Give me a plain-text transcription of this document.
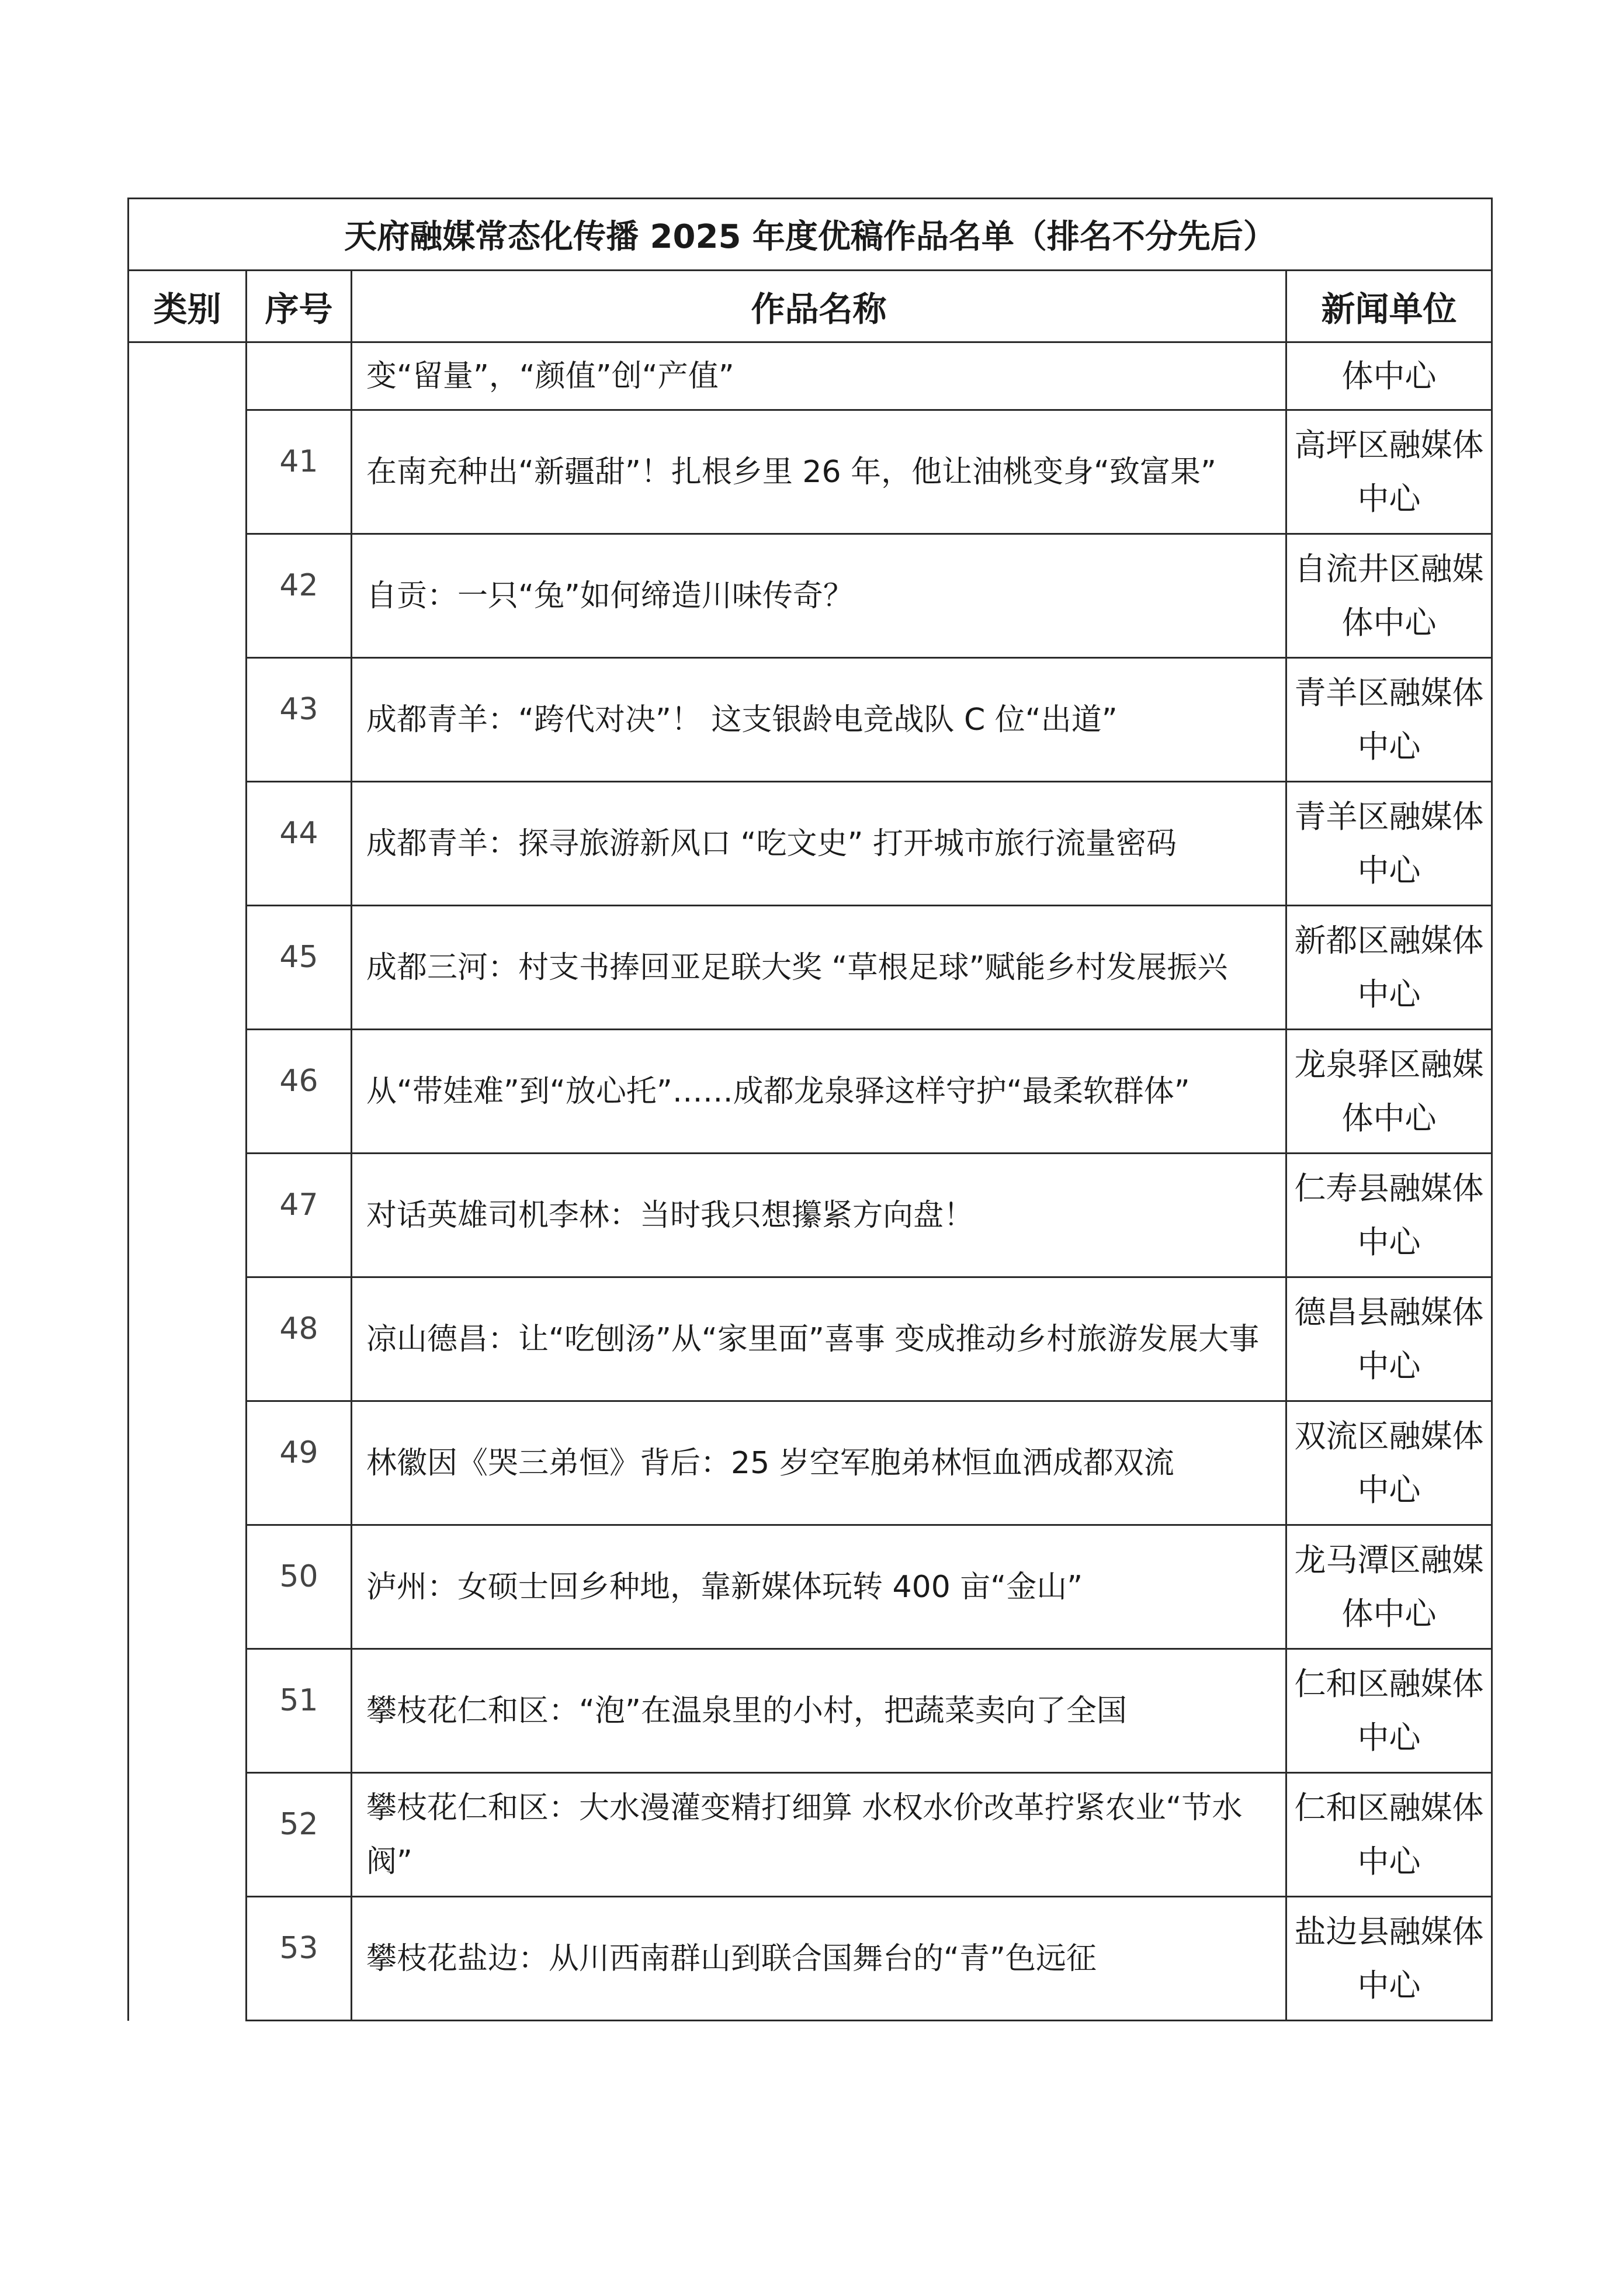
天府融媒常态化传播 2025 年度优稿作品名单（排名不分先后）			
类别	序号	作品名称	新闻单位
		变“留量”，“颜值”创“产值”	体中心
	41	在南充种出“新疆甜”！扎根乡里 26 年，他让油桃变身“致富果”	高坪区融媒体中心
	42	自贡：一只“兔”如何缔造川味传奇？	自流井区融媒体中心
	43	成都青羊：“跨代对决”！ 这支银龄电竞战队 C 位“出道”	青羊区融媒体中心
	44	成都青羊：探寻旅游新风口 “吃文史” 打开城市旅行流量密码	青羊区融媒体中心
	45	成都三河：村支书捧回亚足联大奖 “草根足球”赋能乡村发展振兴	新都区融媒体中心
	46	从“带娃难”到“放心托”……成都龙泉驿这样守护“最柔软群体”	龙泉驿区融媒体中心
	47	对话英雄司机李林：当时我只想攥紧方向盘！	仁寿县融媒体中心
	48	凉山德昌：让“吃刨汤”从“家里面”喜事 变成推动乡村旅游发展大事	德昌县融媒体中心
	49	林徽因《哭三弟恒》背后：25 岁空军胞弟林恒血洒成都双流	双流区融媒体中心
	50	泸州：女硕士回乡种地，靠新媒体玩转 400 亩“金山”	龙马潭区融媒体中心
	51	攀枝花仁和区：“泡”在温泉里的小村，把蔬菜卖向了全国	仁和区融媒体中心
	52	攀枝花仁和区：大水漫灌变精打细算 水权水价改革拧紧农业“节水阀”	仁和区融媒体中心
	53	攀枝花盐边：从川西南群山到联合国舞台的“青”色远征	盐边县融媒体中心
